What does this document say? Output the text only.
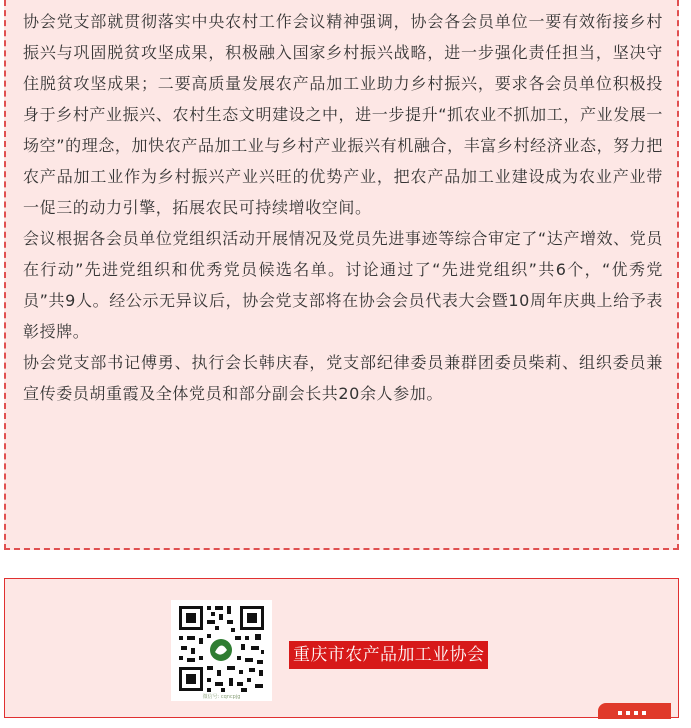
协会党支部就贯彻落实中央农村工作会议精神强调，协会各会员单位一要有效衔接乡村振兴与巩固脱贫攻坚成果，积极融入国家乡村振兴战略，进一步强化责任担当，坚决守住脱贫攻坚成果；二要高质量发展农产品加工业助力乡村振兴，要求各会员单位积极投身于乡村产业振兴、农村生态文明建设之中，进一步提升“抓农业不抓加工，产业发展一场空”的理念，加快农产品加工业与乡村产业振兴有机融合，丰富乡村经济业态，努力把农产品加工业作为乡村振兴产业兴旺的优势产业，把农产品加工业建设成为农业产业带一促三的动力引擎，拓展农民可持续增收空间。

会议根据各会员单位党组织活动开展情况及党员先进事迹等综合审定了“达产增效、党员在行动”先进党组织和优秀党员候选名单。讨论通过了“先进党组织”共6个，“优秀党员”共9人。经公示无异议后，协会党支部将在协会会员代表大会暨10周年庆典上给予表彰授牌。

协会党支部书记傅勇、执行会长韩庆春，党支部纪律委员兼群团委员柴莉、组织委员兼宣传委员胡重霞及全体党员和部分副会长共20余人参加。

微信号: cqncpjg
重庆市农产品加工业协会
